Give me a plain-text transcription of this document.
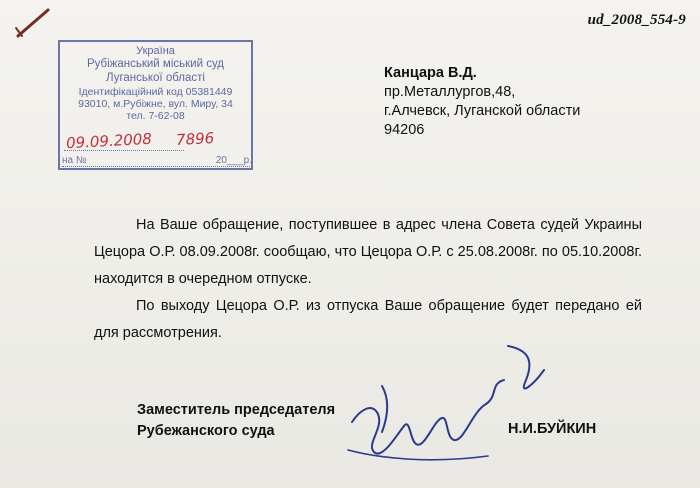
ud_2008_554-9
Україна
Рубіжанський міський суд
Луганської області
Ідентифікаційний код 05381449
93010, м.Рубіжне, вул. Миру, 34
тел. 7-62-08
09.09.2008 7896
на №	20___р.
Канцара В.Д.
пр.Металлургов,48,
г.Алчевск, Луганской области
94206

На Ваше обращение, поступившее в адрес члена Совета судей Украины Цецора О.Р. 08.09.2008г. сообщаю, что Цецора О.Р. с 25.08.2008г. по 05.10.2008г. находится в очередном отпуске.

По выходу Цецора О.Р. из отпуска Ваше обращение будет передано ей для рассмотрения.

Заместитель председателя
Рубежанского суда	Н.И.БУЙКИН
